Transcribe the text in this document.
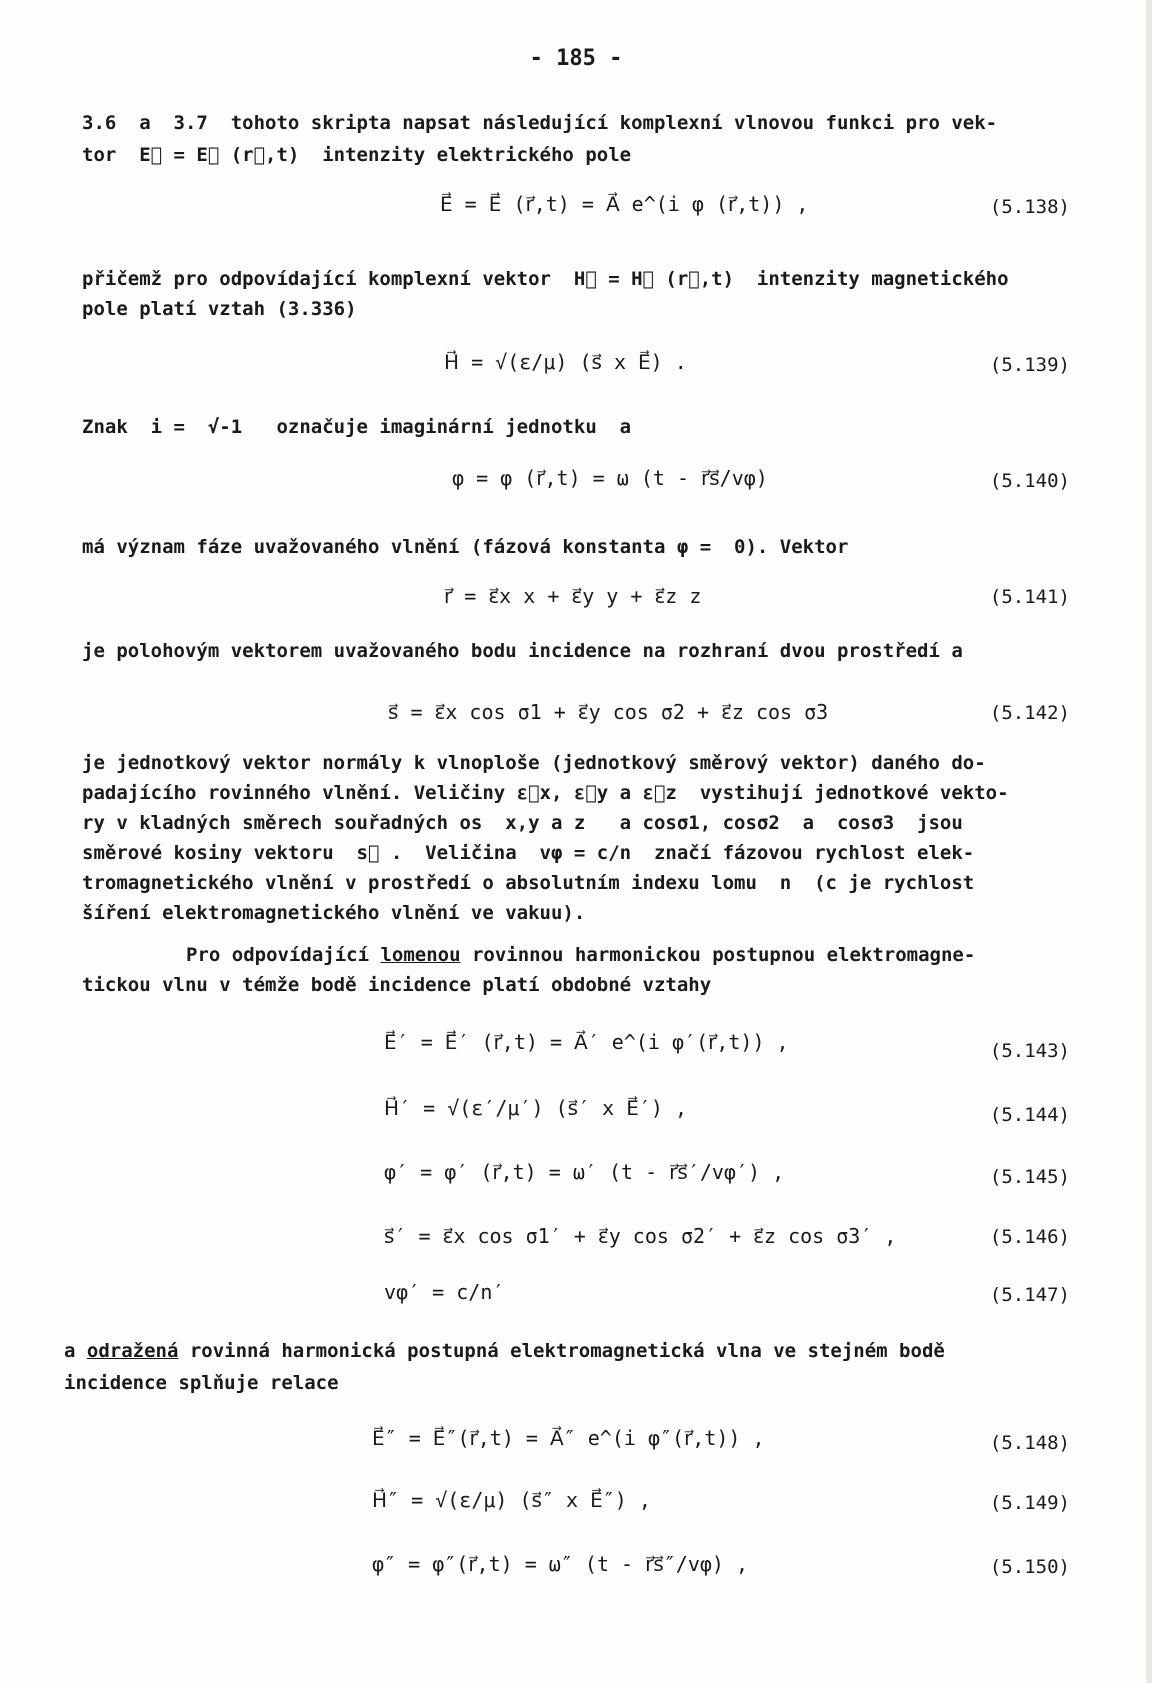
- 185 -
3.6  a  3.7  tohoto skripta napsat následující komplexní vlnovou funkci pro vek-
tor  E⃗ = E⃗ (r⃗,t)  intenzity elektrického pole
E⃗ = E⃗ (r⃗,t) = A⃗ e^(i φ (r⃗,t)) ,	(5.138)
přičemž pro odpovídající komplexní vektor  H⃗ = H⃗ (r⃗,t)  intenzity magnetického
pole platí vztah (3.336)
H⃗ = √(ε/μ) (s⃗ x E⃗) .	(5.139)
Znak  i =  √-1   označuje imaginární jednotku  a
φ = φ (r⃗,t) = ω (t - r⃗s⃗/vφ)	(5.140)
má význam fáze uvažovaného vlnění (fázová konstanta φ =  0). Vektor
r⃗ = ε⃗x x + ε⃗y y + ε⃗z z	(5.141)
je polohovým vektorem uvažovaného bodu incidence na rozhraní dvou prostředí a
s⃗ = ε⃗x cos σ1 + ε⃗y cos σ2 + ε⃗z cos σ3	(5.142)
je jednotkový vektor normály k vlnoploše (jednotkový směrový vektor) daného do-
padajícího rovinného vlnění. Veličiny ε⃗x, ε⃗y a ε⃗z  vystihují jednotkové vekto-
ry v kladných směrech souřadných os  x,y a z   a cosσ1, cosσ2  a  cosσ3  jsou
směrové kosiny vektoru  s⃗ .  Veličina  vφ = c/n  značí fázovou rychlost elek-
tromagnetického vlnění v prostředí o absolutním indexu lomu  n  (c je rychlost
šíření elektromagnetického vlnění ve vakuu).
Pro odpovídající lomenou rovinnou harmonickou postupnou elektromagne-
tickou vlnu v témže bodě incidence platí obdobné vztahy
E⃗′ = E⃗′ (r⃗,t) = A⃗′ e^(i φ′(r⃗,t)) ,	(5.143)
H⃗′ = √(ε′/μ′) (s⃗′ x E⃗′) ,	(5.144)
φ′ = φ′ (r⃗,t) = ω′ (t - r⃗s⃗′/vφ′) ,	(5.145)
s⃗′ = ε⃗x cos σ1′ + ε⃗y cos σ2′ + ε⃗z cos σ3′ ,	(5.146)
vφ′ = c/n′	(5.147)
a odražená rovinná harmonická postupná elektromagnetická vlna ve stejném bodě
incidence splňuje relace
E⃗″ = E⃗″(r⃗,t) = A⃗″ e^(i φ″(r⃗,t)) ,	(5.148)
H⃗″ = √(ε/μ) (s⃗″ x E⃗″) ,	(5.149)
φ″ = φ″(r⃗,t) = ω″ (t - r⃗s⃗″/vφ) ,	(5.150)
